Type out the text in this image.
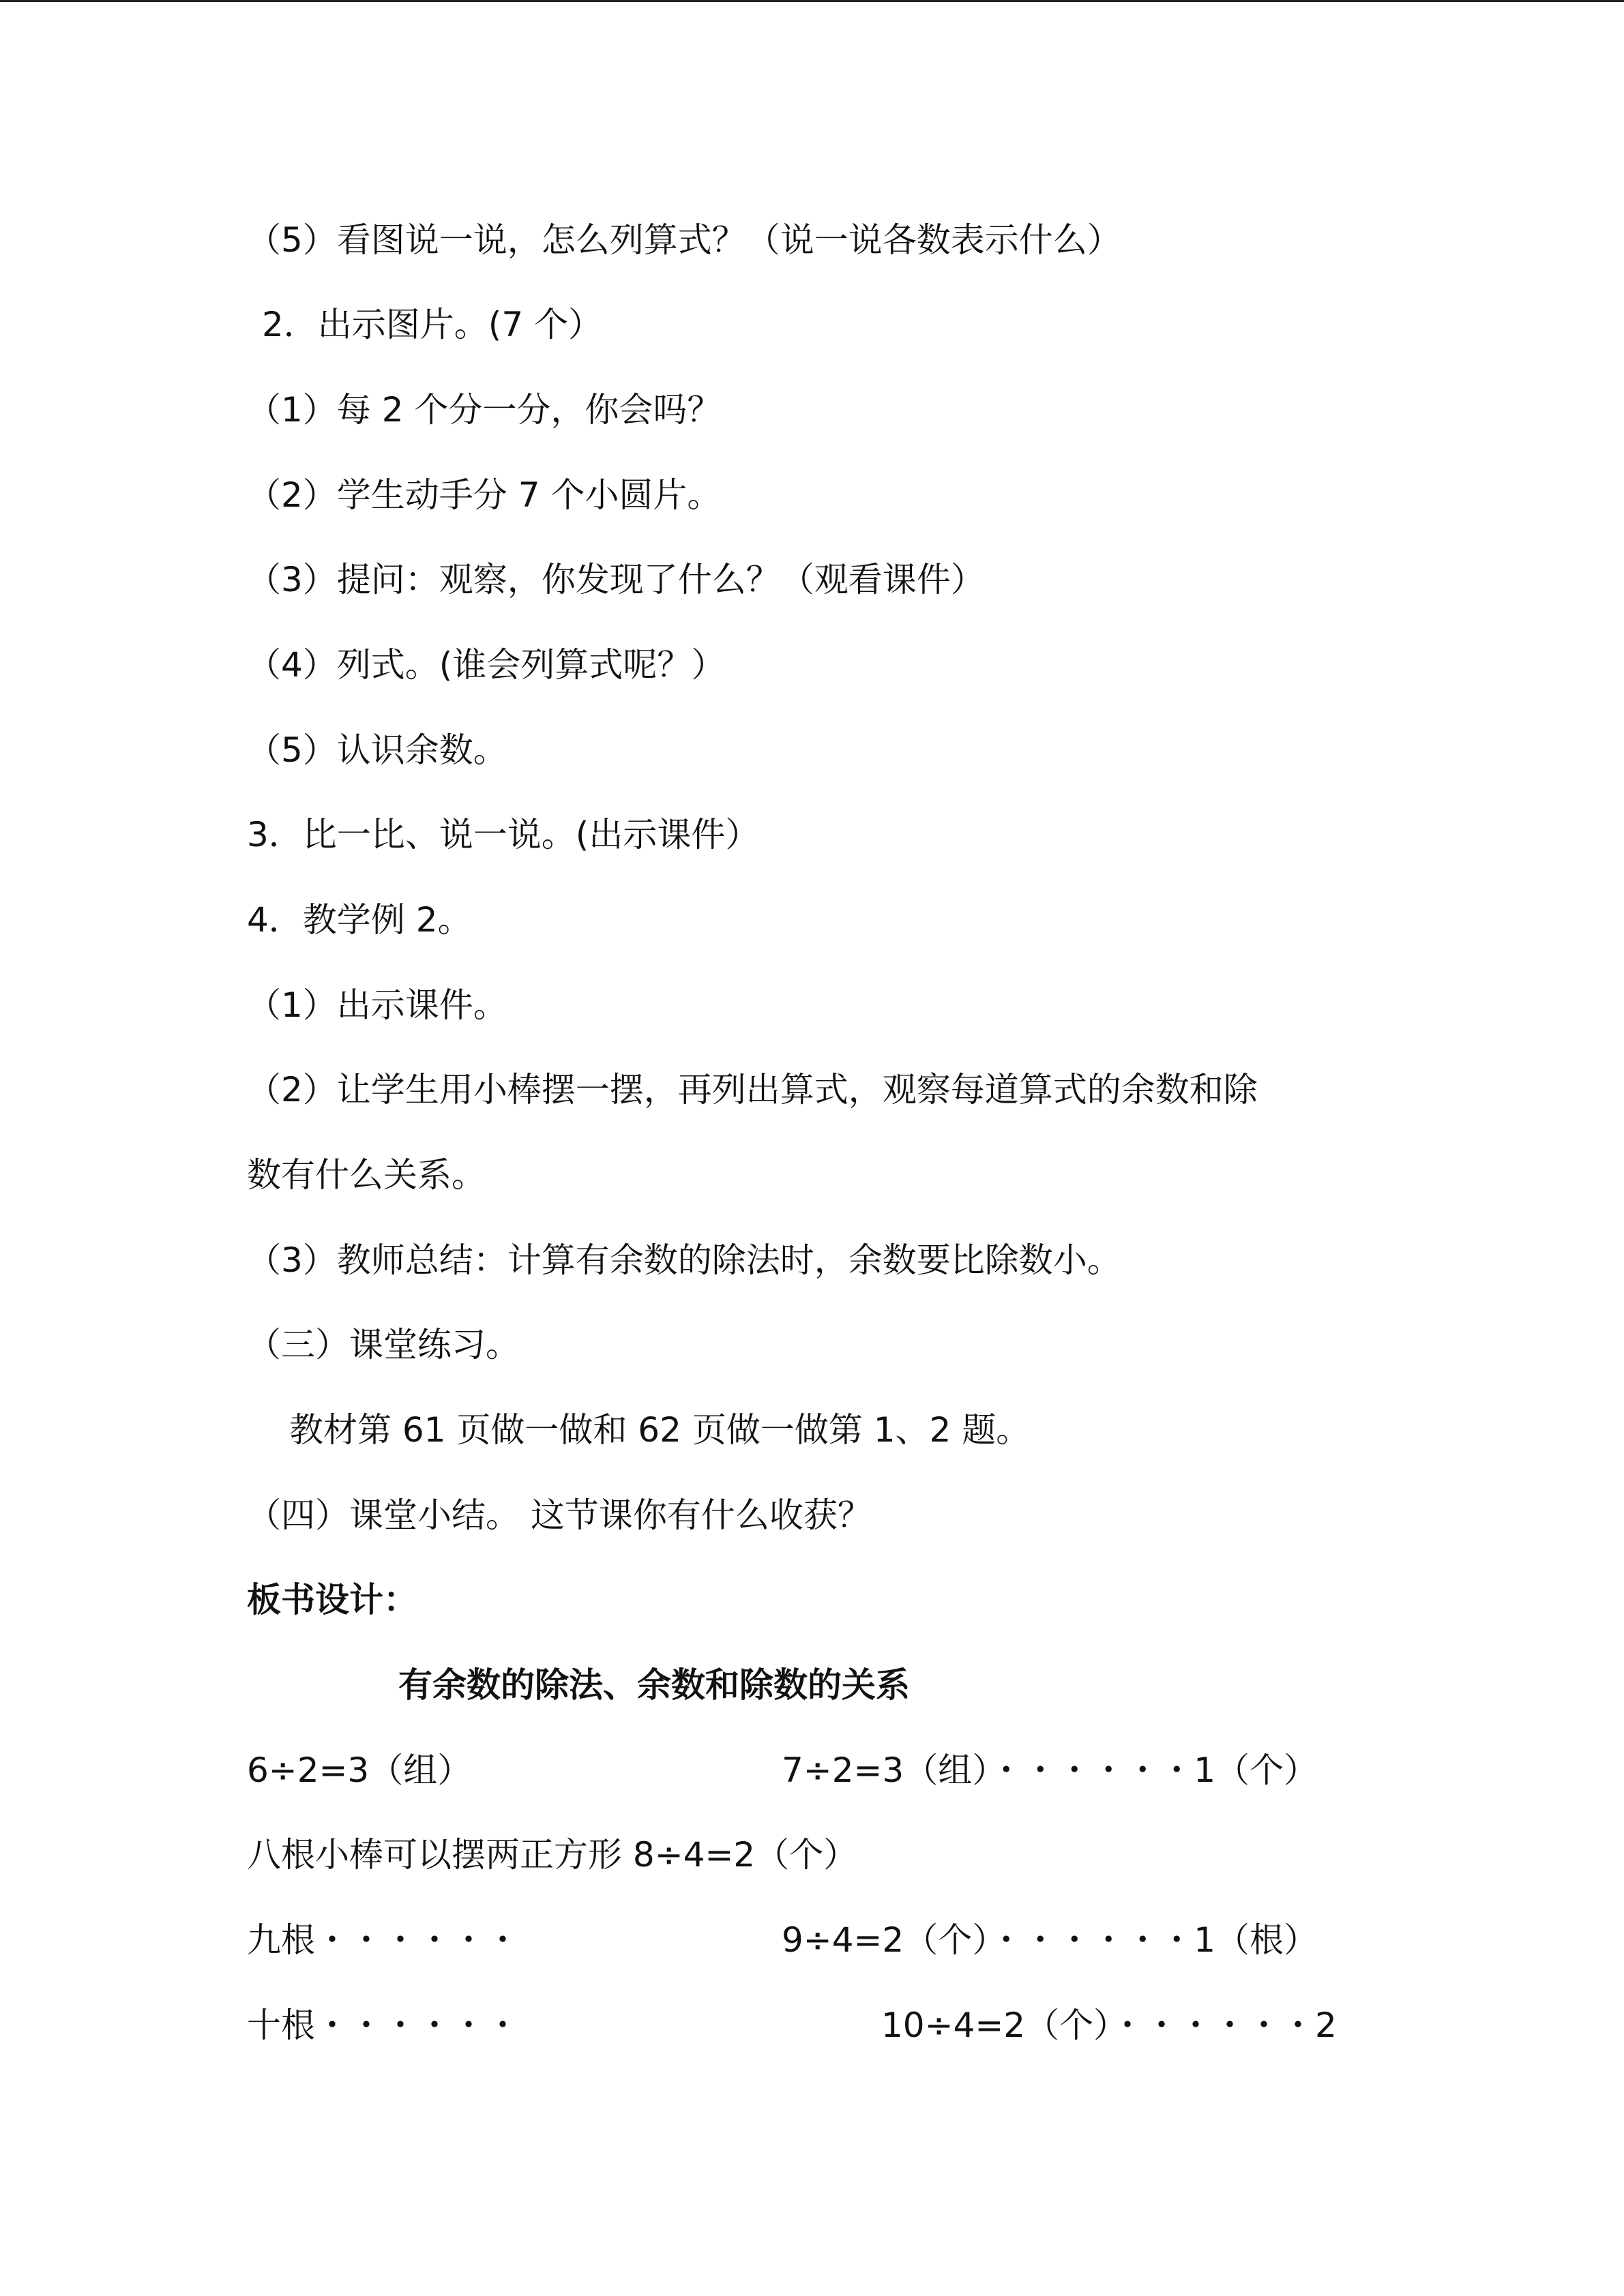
（5）看图说一说，怎么列算式？（说一说各数表示什么）
2．出示图片。(7 个）
（1）每 2 个分一分，你会吗？
（2）学生动手分 7 个小圆片。
（3）提问：观察，你发现了什么？（观看课件）
（4）列式。(谁会列算式呢？）
（5）认识余数。
3．比一比、说一说。(出示课件）
4．教学例 2。
（1）出示课件。
（2）让学生用小棒摆一摆，再列出算式，观察每道算式的余数和除
数有什么关系。
（3）教师总结：计算有余数的除法时，余数要比除数小。
（三）课堂练习。
教材第 61 页做一做和 62 页做一做第 1、2 题。
（四）课堂小结。 这节课你有什么收获？
板书设计：
有余数的除法、余数和除数的关系
6÷2=3（组）	7÷2=3（组）・・・・・・1（个）
八根小棒可以摆两正方形 8÷4=2（个）
九根・・・・・・	9÷4=2（个）・・・・・・1（根）
十根・・・・・・	10÷4=2（个）・・・・・・2
